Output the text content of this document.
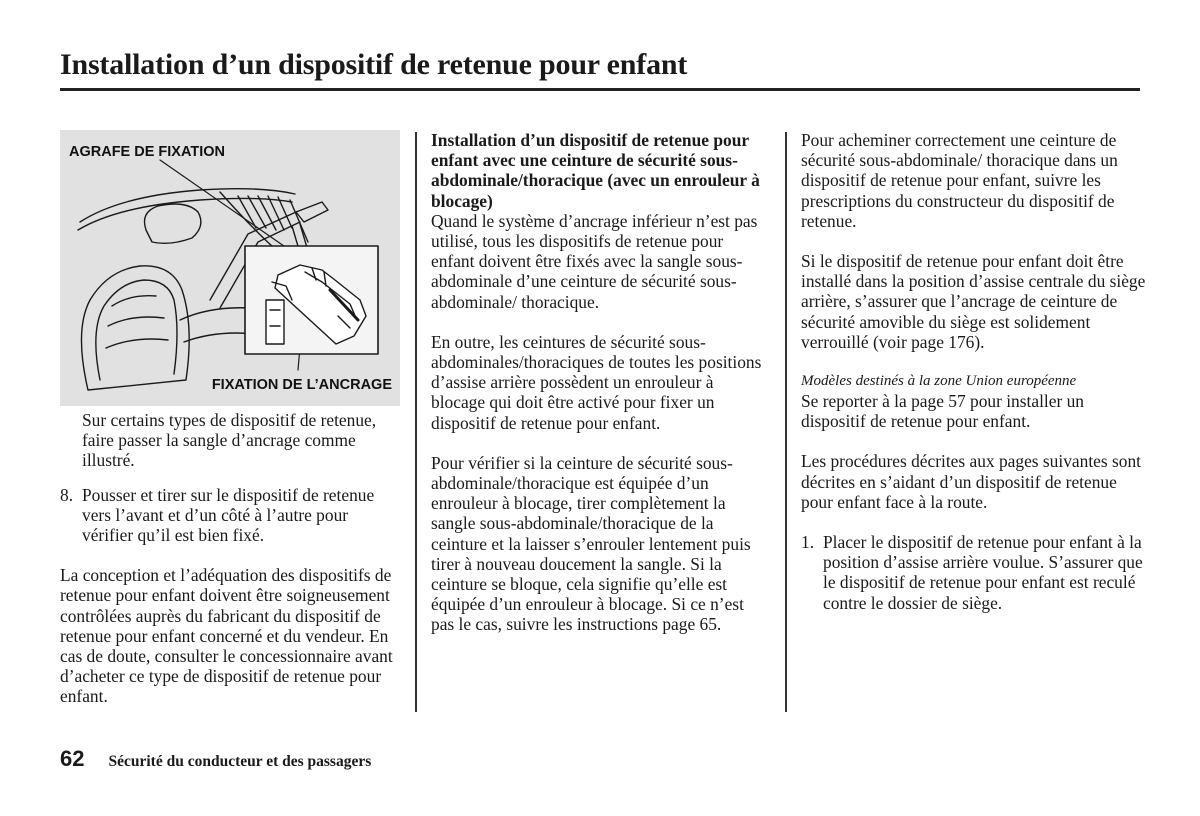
Installation d’un dispositif de retenue pour enfant
AGRAFE DE FIXATION
FIXATION DE L’ANCRAGE

Sur certains types de dispositif de retenue, faire passer la sangle d’ancrage comme illustré.

8. Pousser et tirer sur le dispositif de retenue vers l’avant et d’un côté à l’autre pour vérifier qu’il est bien fixé.

La conception et l’adéquation des dispositifs de retenue pour enfant doivent être soigneusement contrôlées auprès du fabricant du dispositif de retenue pour enfant concerné et du vendeur. En cas de doute, consulter le concessionnaire avant d’acheter ce type de dispositif de retenue pour enfant.

Installation d’un dispositif de retenue pour enfant avec une ceinture de sécurité sous-abdominale/thoracique (avec un enrouleur à blocage)

Quand le système d’ancrage inférieur n’est pas utilisé, tous les dispositifs de retenue pour enfant doivent être fixés avec la sangle sous-abdominale d’une ceinture de sécurité sous-abdominale/ thoracique.

En outre, les ceintures de sécurité sous-abdominales/thoraciques de toutes les positions d’assise arrière possèdent un enrouleur à blocage qui doit être activé pour fixer un dispositif de retenue pour enfant.

Pour vérifier si la ceinture de sécurité sous-abdominale/thoracique est équipée d’un enrouleur à blocage, tirer complètement la sangle sous-abdominale/thoracique de la ceinture et la laisser s’enrouler lentement puis tirer à nouveau doucement la sangle. Si la ceinture se bloque, cela signifie qu’elle est équipée d’un enrouleur à blocage. Si ce n’est pas le cas, suivre les instructions page 65.

Pour acheminer correctement une ceinture de sécurité sous-abdominale/ thoracique dans un dispositif de retenue pour enfant, suivre les prescriptions du constructeur du dispositif de retenue.

Si le dispositif de retenue pour enfant doit être installé dans la position d’assise centrale du siège arrière, s’assurer que l’ancrage de ceinture de sécurité amovible du siège est solidement verrouillé (voir page 176).

Modèles destinés à la zone Union européenne

Se reporter à la page 57 pour installer un dispositif de retenue pour enfant.

Les procédures décrites aux pages suivantes sont décrites en s’aidant d’un dispositif de retenue pour enfant face à la route.

1. Placer le dispositif de retenue pour enfant à la position d’assise arrière voulue. S’assurer que le dispositif de retenue pour enfant est reculé contre le dossier de siège.
62 Sécurité du conducteur et des passagers
